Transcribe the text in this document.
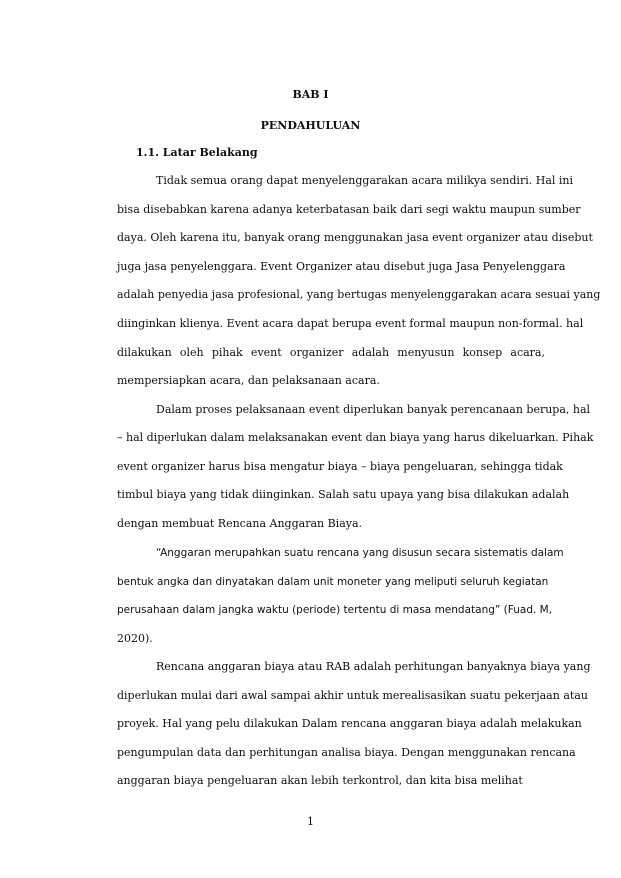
BAB I
PENDAHULUAN
1.1. Latar Belakang
Tidak semua orang dapat menyelenggarakan acara milikya sendiri. Hal ini
bisa disebabkan karena adanya keterbatasan baik dari segi waktu maupun sumber
daya. Oleh karena itu, banyak orang menggunakan jasa event organizer atau disebut
juga jasa penyelenggara. Event Organizer atau disebut juga Jasa Penyelenggara
adalah penyedia jasa profesional, yang bertugas menyelenggarakan acara sesuai yang
diinginkan klienya. Event acara dapat berupa event formal maupun non-formal. hal
dilakukan oleh pihak event organizer adalah menyusun konsep acara,
mempersiapkan acara, dan pelaksanaan acara.
Dalam proses pelaksanaan event diperlukan banyak perencanaan berupa, hal
– hal diperlukan dalam melaksanakan event dan biaya yang harus dikeluarkan. Pihak
event organizer harus bisa mengatur biaya – biaya pengeluaran, sehingga tidak
timbul biaya yang tidak diinginkan. Salah satu upaya yang bisa dilakukan adalah
dengan membuat Rencana Anggaran Biaya.
“Anggaran merupahkan suatu rencana yang disusun secara sistematis dalam
bentuk angka dan dinyatakan dalam unit moneter yang meliputi seluruh kegiatan
perusahaan dalam jangka waktu (periode) tertentu di masa mendatang” (Fuad. M,
2020).
Rencana anggaran biaya atau RAB adalah perhitungan banyaknya biaya yang
diperlukan mulai dari awal sampai akhir untuk merealisasikan suatu pekerjaan atau
proyek. Hal yang pelu dilakukan Dalam rencana anggaran biaya adalah melakukan
pengumpulan data dan perhitungan analisa biaya. Dengan menggunakan rencana
anggaran biaya pengeluaran akan lebih terkontrol, dan kita bisa melihat
1
